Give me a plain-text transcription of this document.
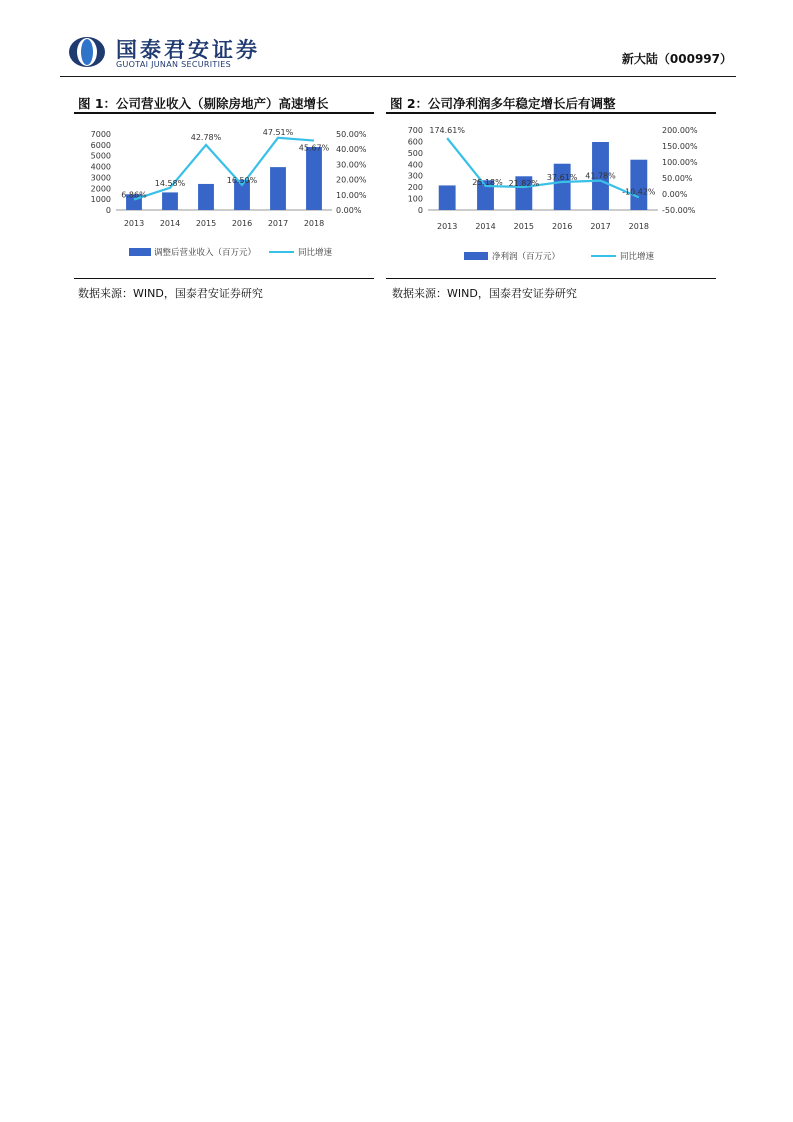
国泰君安证券
GUOTAI JUNAN SECURITIES	新大陆（000997）
图 1：公司营业收入（剔除房地产）高速增长	图 2：公司净利润多年稳定增长后有调整
7000
6000
5000
4000
3000
2000
1000
0
50.00%
40.00%
30.00%
20.00%
10.00%
0.00%
6.86%
14.58%
42.78%
16.50%
47.51%
45.67%
2013 2014 2015 2016 2017 2018
调整后营业收入（百万元）	同比增速
700
600
500
400
300
200
100
0
200.00%
150.00%
100.00%
50.00%
0.00%
-50.00%
174.61%
25.18% 21.82%
37.61% 41.78%
-10.42%
2013 2014 2015 2016 2017 2018
净利润（百万元）	同比增速
数据来源：WIND，国泰君安证券研究	数据来源：WIND，国泰君安证券研究
